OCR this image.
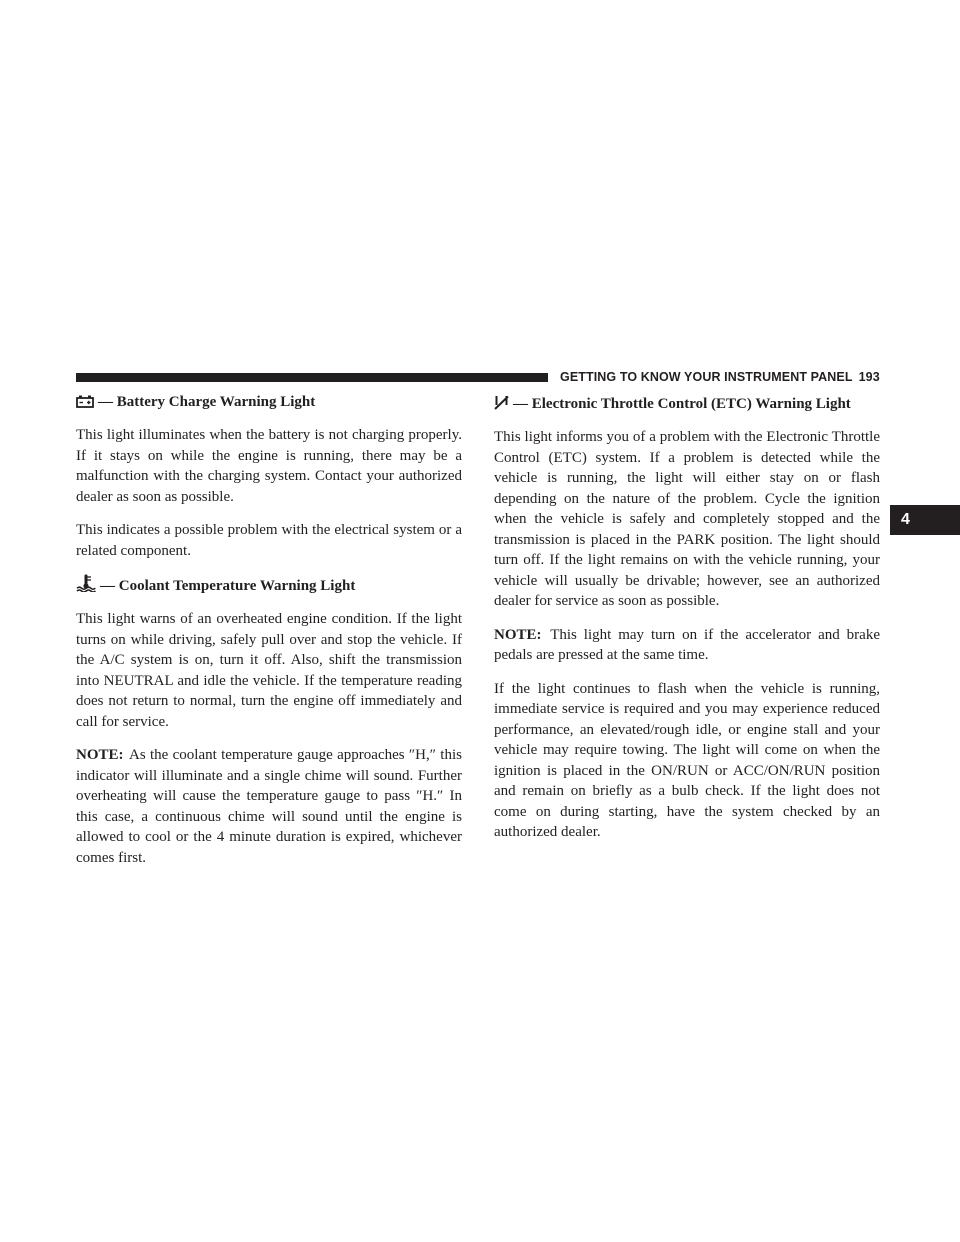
GETTING TO KNOW YOUR INSTRUMENT PANEL 193
4
— Battery Charge Warning Light

This light illuminates when the battery is not charging properly. If it stays on while the engine is running, there may be a malfunction with the charging system. Contact your authorized dealer as soon as possible.

This indicates a possible problem with the electrical system or a related component.

— Coolant Temperature Warning Light

This light warns of an overheated engine condition. If the light turns on while driving, safely pull over and stop the vehicle. If the A/C system is on, turn it off. Also, shift the transmission into NEUTRAL and idle the vehicle. If the temperature reading does not return to normal, turn the engine off immediately and call for service.

NOTE: As the coolant temperature gauge approaches ″H,″ this indicator will illuminate and a single chime will sound. Further overheating will cause the temperature gauge to pass ″H.″ In this case, a continuous chime will sound until the engine is allowed to cool or the 4 minute duration is expired, whichever comes first.

— Electronic Throttle Control (ETC) Warning Light

This light informs you of a problem with the Electronic Throttle Control (ETC) system. If a problem is detected while the vehicle is running, the light will either stay on or flash depending on the nature of the problem. Cycle the ignition when the vehicle is safely and completely stopped and the transmission is placed in the PARK position. The light should turn off. If the light remains on with the vehicle running, your vehicle will usually be drivable; however, see an authorized dealer for service as soon as possible.

NOTE: This light may turn on if the accelerator and brake pedals are pressed at the same time.

If the light continues to flash when the vehicle is running, immediate service is required and you may experience reduced performance, an elevated/rough idle, or engine stall and your vehicle may require towing. The light will come on when the ignition is placed in the ON/RUN or ACC/ON/RUN position and remain on briefly as a bulb check. If the light does not come on during starting, have the system checked by an authorized dealer.
